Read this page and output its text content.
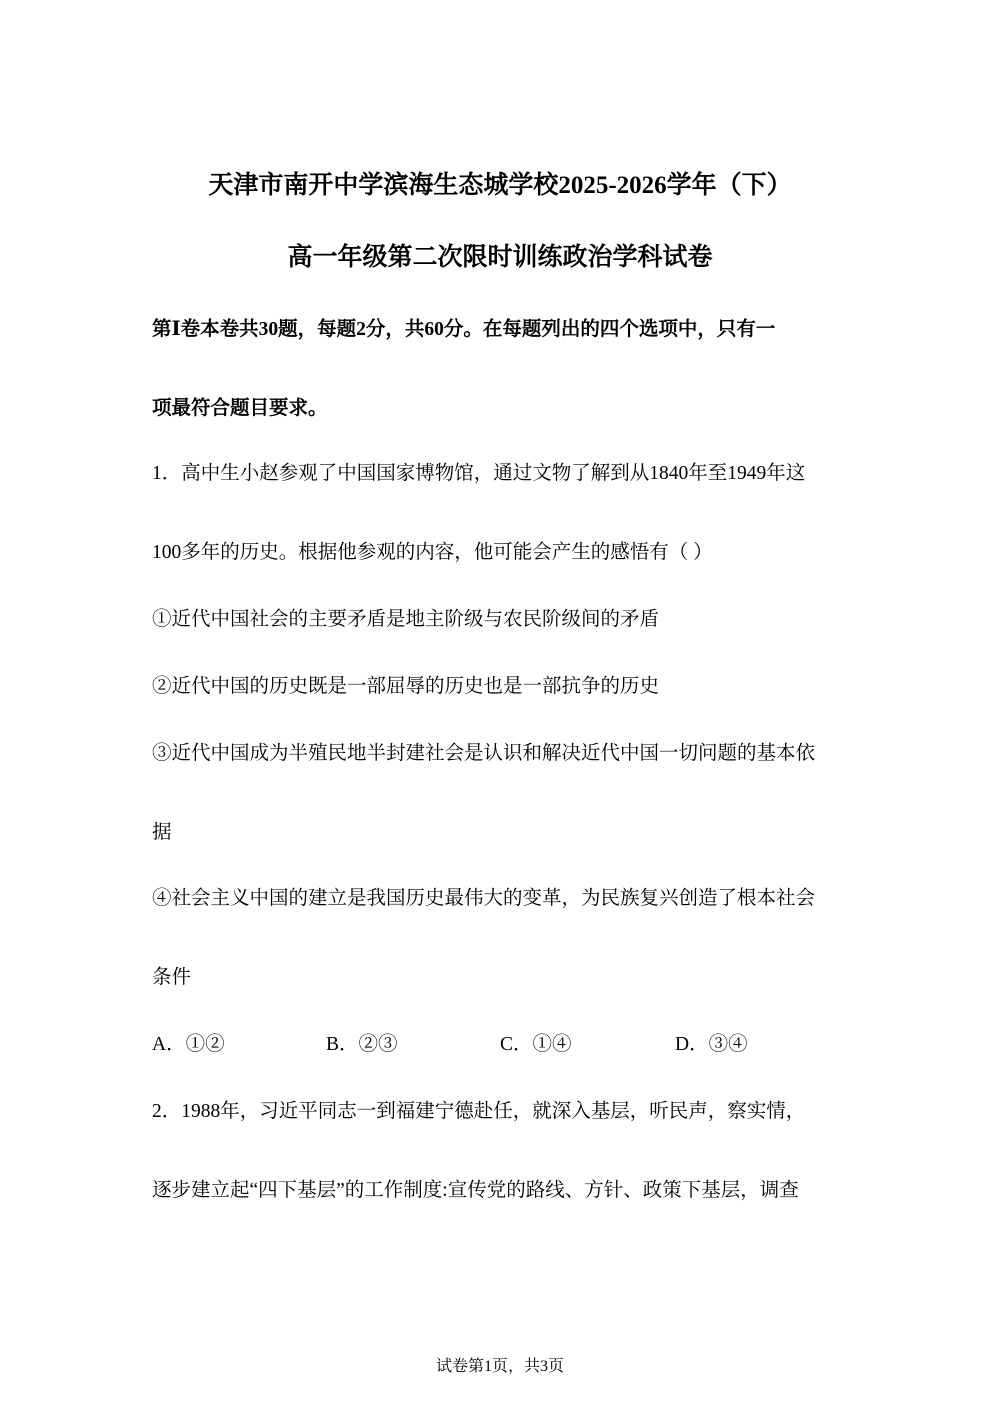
天津市南开中学滨海生态城学校2025-2026学年（下）
高一年级第二次限时训练政治学科试卷
第Ⅰ卷本卷共30题，每题2分，共60分。在每题列出的四个选项中，只有一
项最符合题目要求。
1．高中生小赵参观了中国国家博物馆，通过文物了解到从1840年至1949年这
100多年的历史。根据他参观的内容，他可能会产生的感悟有（ ）
①近代中国社会的主要矛盾是地主阶级与农民阶级间的矛盾
②近代中国的历史既是一部屈辱的历史也是一部抗争的历史
③近代中国成为半殖民地半封建社会是认识和解决近代中国一切问题的基本依
据
④社会主义中国的建立是我国历史最伟大的变革，为民族复兴创造了根本社会
条件
A．①②	B．②③	C．①④	D．③④
2．1988年，习近平同志一到福建宁德赴任，就深入基层，听民声，察实情，
逐步建立起“四下基层”的工作制度:宣传党的路线、方针、政策下基层，调查
试卷第1页，共3页
